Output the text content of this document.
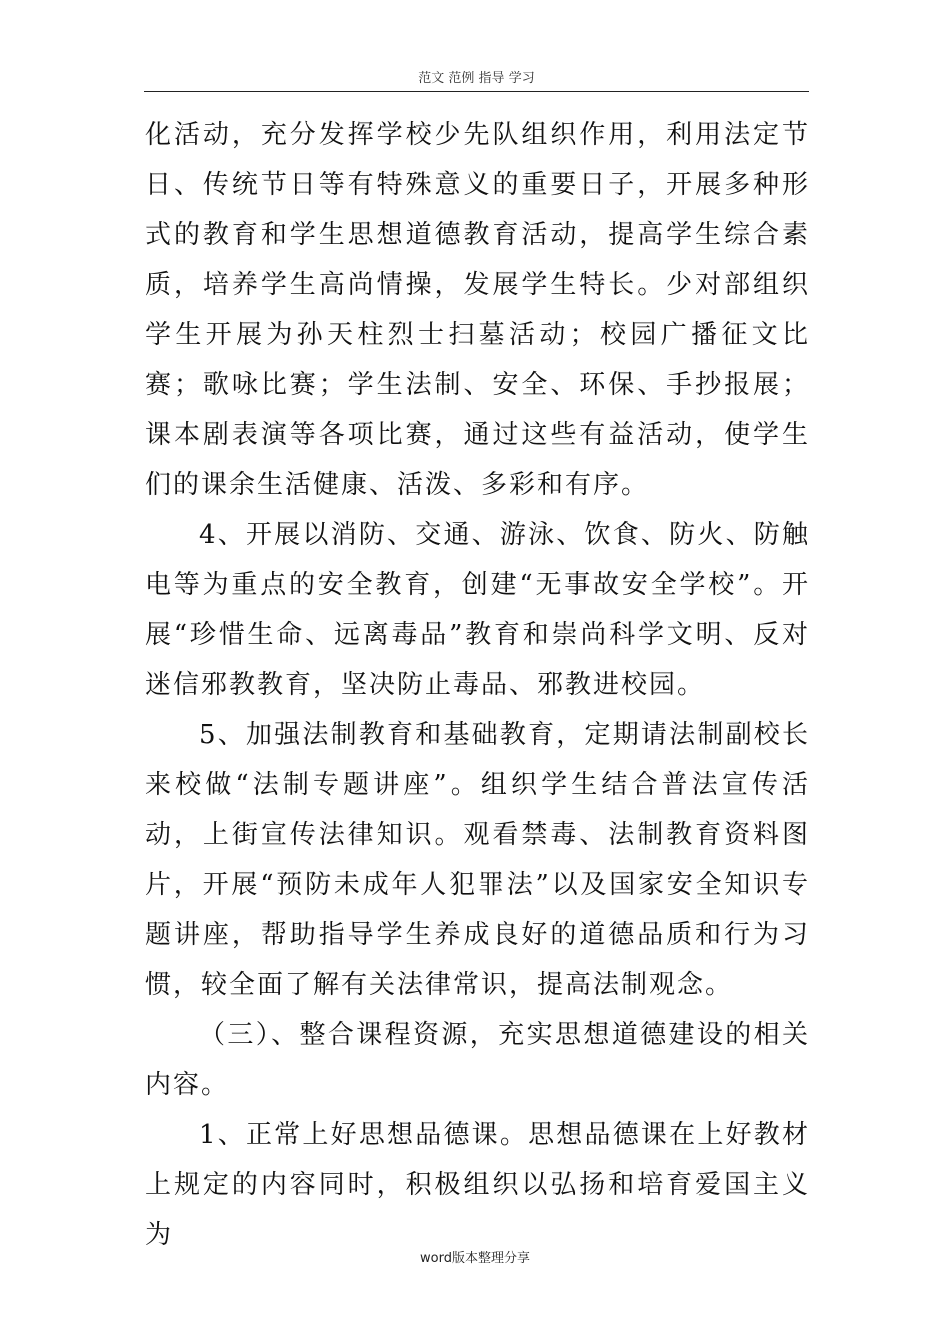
范文 范例 指导 学习

化活动，充分发挥学校少先队组织作用，利用法定节日、传统节日等有特殊意义的重要日子，开展多种形式的教育和学生思想道德教育活动，提高学生综合素质，培养学生高尚情操，发展学生特长。少对部组织学生开展为孙天柱烈士扫墓活动；校园广播征文比赛；歌咏比赛；学生法制、安全、环保、手抄报展；课本剧表演等各项比赛，通过这些有益活动，使学生们的课余生活健康、活泼、多彩和有序。

4、开展以消防、交通、游泳、饮食、防火、防触电等为重点的安全教育，创建“无事故安全学校”。开展“珍惜生命、远离毒品”教育和崇尚科学文明、反对迷信邪教教育，坚决防止毒品、邪教进校园。

5、加强法制教育和基础教育，定期请法制副校长来校做“法制专题讲座”。组织学生结合普法宣传活动，上街宣传法律知识。观看禁毒、法制教育资料图片，开展“预防未成年人犯罪法”以及国家安全知识专题讲座，帮助指导学生养成良好的道德品质和行为习惯，较全面了解有关法律常识，提高法制观念。

（三）、整合课程资源，充实思想道德建设的相关内容。

1、正常上好思想品德课。思想品德课在上好教材上规定的内容同时，积极组织以弘扬和培育爱国主义为

word版本整理分享
